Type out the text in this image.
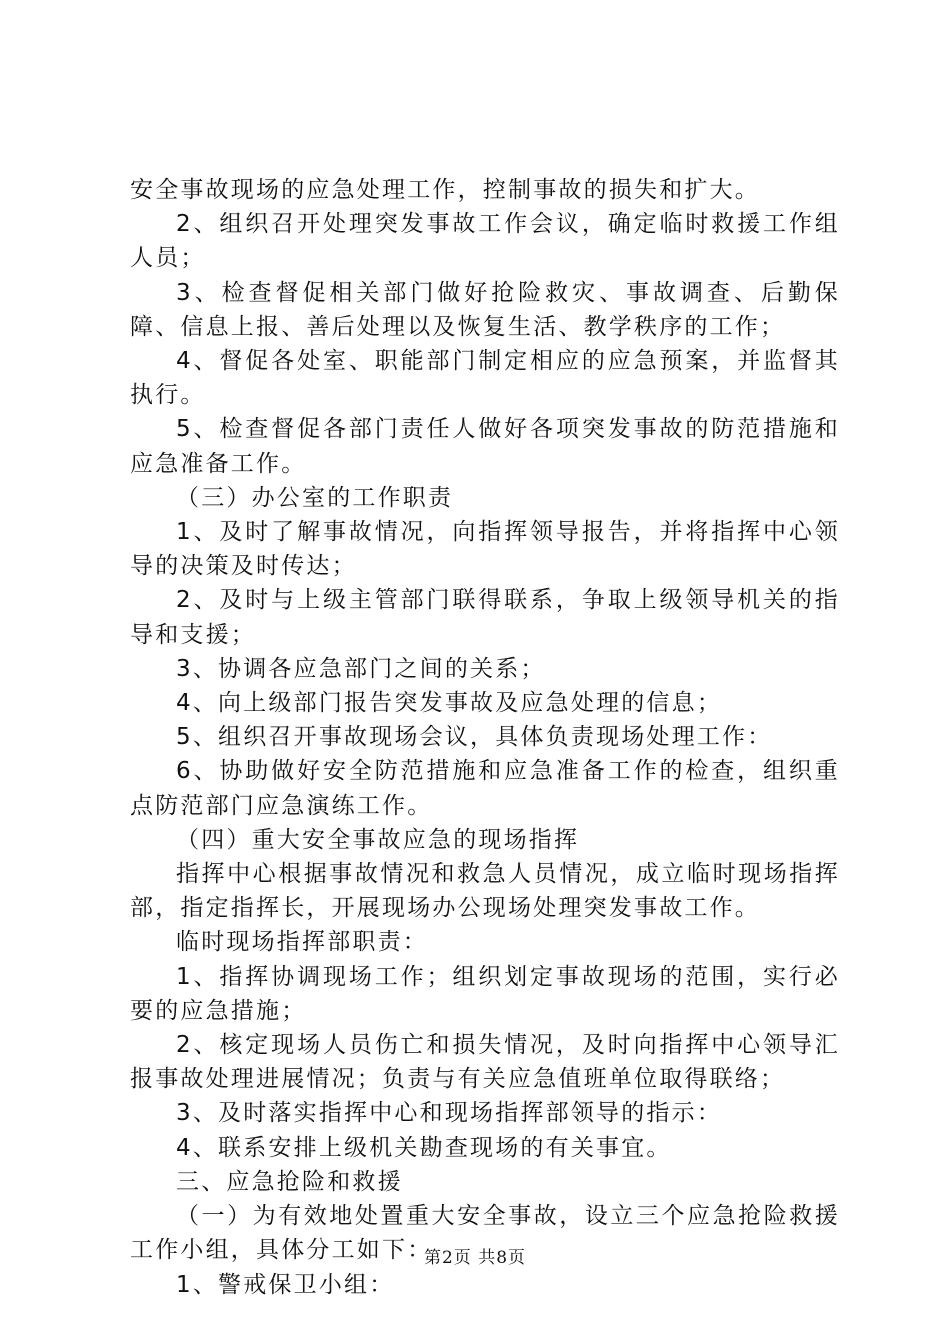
安全事故现场的应急处理工作，控制事故的损失和扩大。

2、组织召开处理突发事故工作会议，确定临时救援工作组人员；

3、检查督促相关部门做好抢险救灾、事故调查、后勤保障、信息上报、善后处理以及恢复生活、教学秩序的工作；

4、督促各处室、职能部门制定相应的应急预案，并监督其执行。

5、检查督促各部门责任人做好各项突发事故的防范措施和应急准备工作。

（三）办公室的工作职责

1、及时了解事故情况，向指挥领导报告，并将指挥中心领导的决策及时传达；

2、及时与上级主管部门联得联系，争取上级领导机关的指导和支援；

3、协调各应急部门之间的关系；

4、向上级部门报告突发事故及应急处理的信息；

5、组织召开事故现场会议，具体负责现场处理工作：

6、协助做好安全防范措施和应急准备工作的检查，组织重点防范部门应急演练工作。

（四）重大安全事故应急的现场指挥

指挥中心根据事故情况和救急人员情况，成立临时现场指挥部，指定指挥长，开展现场办公现场处理突发事故工作。

临时现场指挥部职责：

1、指挥协调现场工作；组织划定事故现场的范围，实行必要的应急措施；

2、核定现场人员伤亡和损失情况，及时向指挥中心领导汇报事故处理进展情况；负责与有关应急值班单位取得联络；

3、及时落实指挥中心和现场指挥部领导的指示：

4、联系安排上级机关勘查现场的有关事宜。

三、应急抢险和救援

（一）为有效地处置重大安全事故，设立三个应急抢险救援工作小组，具体分工如下：

1、警戒保卫小组：

第2页 共8页
